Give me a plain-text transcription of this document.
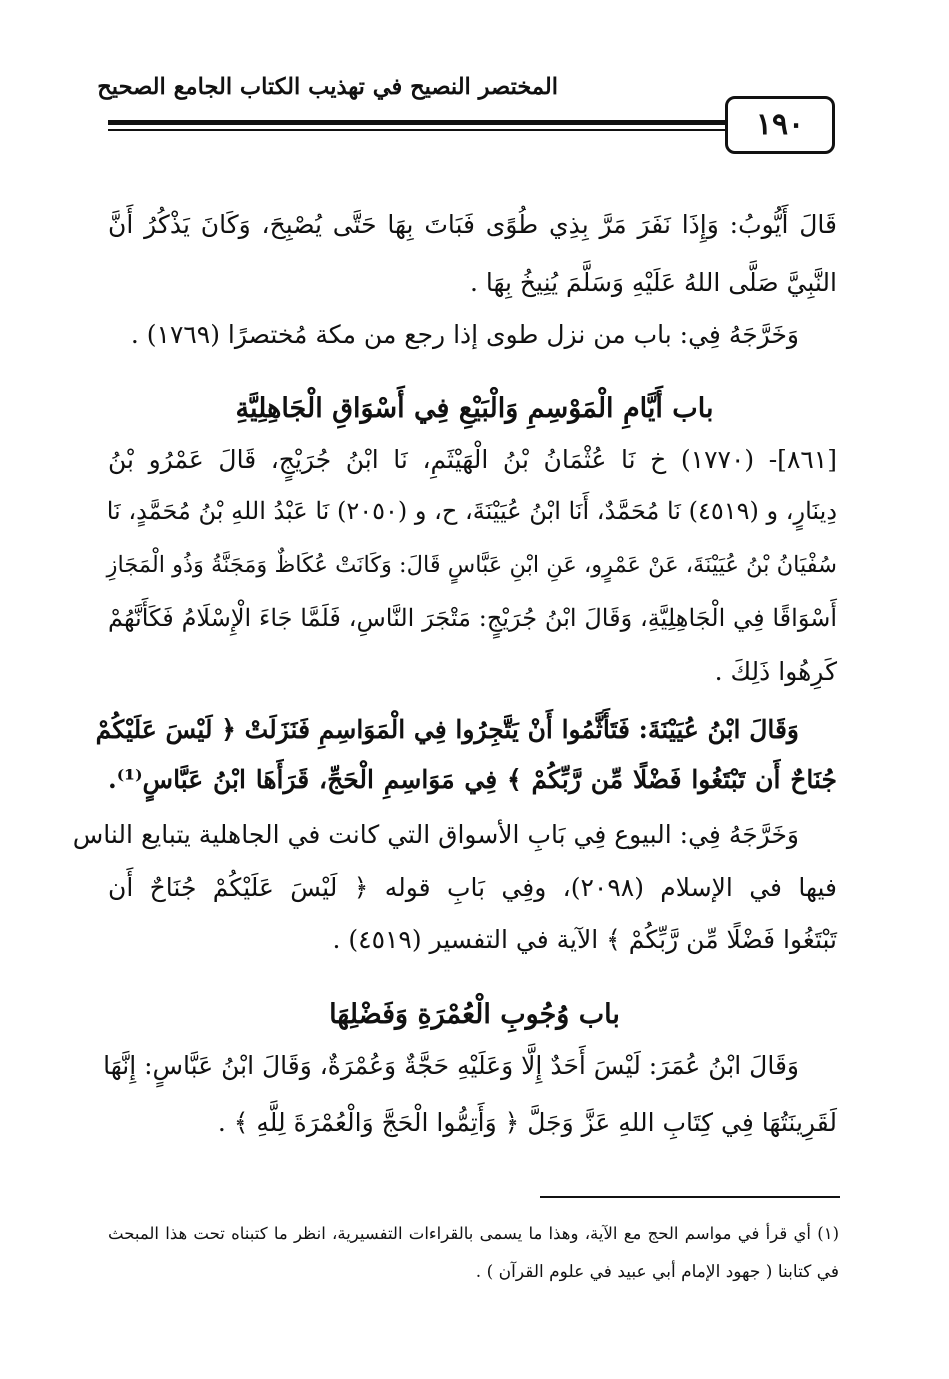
المختصر النصيح في تهذيب الكتاب الجامع الصحيح
١٩٠
قَالَ أَيُّوبُ: وَإِذَا نَفَرَ مَرَّ بِذِي طُوًى فَبَاتَ بِهَا حَتَّى يُصْبِحَ، وَكَانَ يَذْكُرُ أَنَّ
النَّبِيَّ صَلَّى اللهُ عَلَيْهِ وَسَلَّمَ يُنِيخُ بِهَا .
وَخَرَّجَهُ فِي: باب من نزل طوى إذا رجع من مكة مُختصرًا (١٧٦٩) .
باب أَيَّامِ الْمَوْسِمِ وَالْبَيْعِ فِي أَسْوَاقِ الْجَاهِلِيَّةِ
[٨٦١]- (١٧٧٠) خ نَا عُثْمَانُ بْنُ الْهَيْثَمِ، نَا ابْنُ جُرَيْجٍ، قَالَ عَمْرُو بْنُ
دِينَارٍ، و (٤٥١٩) نَا مُحَمَّدٌ، أَنَا ابْنُ عُيَيْنَةَ، ح، و (٢٠٥٠) نَا عَبْدُ اللهِ بْنُ مُحَمَّدٍ، نَا
سُفْيَانُ بْنُ عُيَيْنَةَ، عَنْ عَمْرٍو، عَنِ ابْنِ عَبَّاسٍ قَالَ: وَكَانَتْ عُكَاظٌ وَمَجَنَّةُ وَذُو الْمَجَازِ
أَسْوَاقًا فِي الْجَاهِلِيَّةِ، وَقَالَ ابْنُ جُرَيْجٍ: مَتْجَرَ النَّاسِ، فَلَمَّا جَاءَ الْإِسْلَامُ فَكَأَنَّهُمْ
كَرِهُوا ذَلِكَ .
وَقَالَ ابْنُ عُيَيْنَةَ: فَتَأَثَّمُوا أَنْ يَتَّجِرُوا فِي الْمَوَاسِمِ فَنَزَلَتْ ﴿ لَيْسَ عَلَيْكُمْ
جُنَاحٌ أَن تَبْتَغُوا فَضْلًا مِّن رَّبِّكُمْ ﴾ فِي مَوَاسِمِ الْحَجِّ، قَرَأَهَا ابْنُ عَبَّاسٍ⁽¹⁾.
وَخَرَّجَهُ فِي: البيوع فِي بَابِ الأسواق التي كانت في الجاهلية يتبايع الناس
فيها في الإسلام (٢٠٩٨)، وفِي بَابِ قوله ﴿ لَيْسَ عَلَيْكُمْ جُنَاحٌ أَن
تَبْتَغُوا فَضْلًا مِّن رَّبِّكُمْ ﴾ الآية في التفسير (٤٥١٩) .
باب وُجُوبِ الْعُمْرَةِ وَفَضْلِهَا
وَقَالَ ابْنُ عُمَرَ: لَيْسَ أَحَدٌ إِلَّا وَعَلَيْهِ حَجَّةٌ وَعُمْرَةٌ، وَقَالَ ابْنُ عَبَّاسٍ: إِنَّهَا
لَقَرِينَتُهَا فِي كِتَابِ اللهِ عَزَّ وَجَلَّ ﴿ وَأَتِمُّوا الْحَجَّ وَالْعُمْرَةَ لِلَّهِ ﴾ .
(١) أي قرأ في مواسم الحج مع الآية، وهذا ما يسمى بالقراءات التفسيرية، انظر ما كتبناه تحت هذا المبحث
في كتابنا ( جهود الإمام أبي عبيد في علوم القرآن ) .
